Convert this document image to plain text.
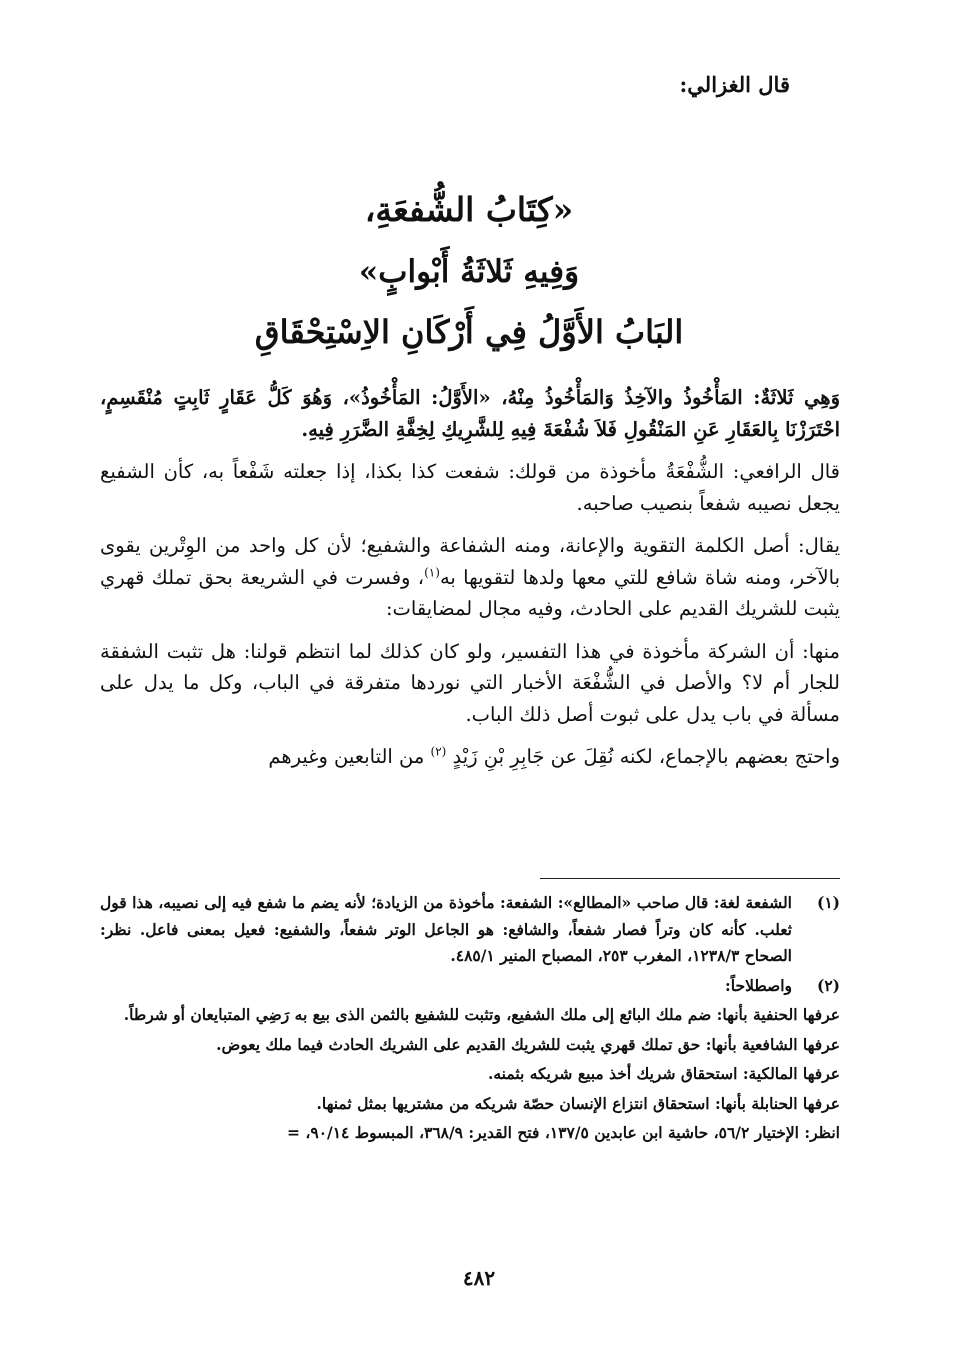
قال الغزالي:

«كِتَابُ الشُّفعَةِ،
وَفِيهِ ثَلاثَةُ أَبْوابٍ»
البَابُ الأَوَّلُ فِي أَرْكَانِ الاِسْتِحْقَاقِ

وَهِي ثَلاثَةٌ: المَأْخُوذُ والآخِذُ وَالمَأْخُوذُ مِنْهُ، «الأَوَّلُ: المَأْخُوذُ»، وَهُوَ كَلُّ عَقَارٍ ثَابِتٍ مُنْقَسِمٍ، احْتَرَزْنَا بِالعَقَارِ عَنِ المَنْقُولِ فَلاَ شُفْعَةَ فِيهِ لِلشَّرِيكِ لِخِفَّةِ الضَّرَرِ فِيهِ.

قال الرافعي: الشُّفْعَةُ مأخوذة من قولك: شفعت كذا بكذا، إذا جعلته شَفْعاً به، كأن الشفيع يجعل نصيبه شفعاً بنصيب صاحبه.

يقال: أصل الكلمة التقوية والإعانة، ومنه الشفاعة والشفيع؛ لأن كل واحد من الوِتْرين يقوى بالآخر، ومنه شاة شافع للتي معها ولدها لتقويها به$^{(١)}$، وفسرت في الشريعة بحق تملك قهري يثبت للشريك القديم على الحادث، وفيه مجال لمضايقات:

منها: أن الشركة مأخوذة في هذا التفسير، ولو كان كذلك لما انتظم قولنا: هل تثبت الشفقة للجار أم لا؟ والأصل في الشُّفْعَة الأخبار التي نوردها متفرقة في الباب، وكل ما يدل على مسألة في باب يدل على ثبوت أصل ذلك الباب.

واحتج بعضهم بالإجماع، لكنه نُقِلَ عن جَابِرِ بْنِ زَيْدٍ $^{(٢)}$ من التابعين وغيرهم

(١)
الشفعة لغة: قال صاحب «المطالع»: الشفعة: مأخوذة من الزيادة؛ لأنه يضم ما شفع فيه إلى نصيبه، هذا قول ثعلب. كأنه كان وتراً فصار شفعاً، والشافع: هو الجاعل الوتر شفعاً، والشفيع: فعيل بمعنى فاعل. نظر: الصحاح ١٢٣٨/٣، المغرب ٢٥٣، المصباح المنير ٤٨٥/١.
(٢)
واصطلاحاً:

عرفها الحنفية بأنها: ضم ملك البائع إلى ملك الشفيع، وتثبت للشفيع بالثمن الذى بيع به رَضِي المتبايعان أو شرطاً.

عرفها الشافعية بأنها: حق تملك قهري يثبت للشريك القديم على الشريك الحادث فيما ملك يعوض.

عرفها المالكية: استحقاق شريك أخذ مبيع شريكه بثمنه.

عرفها الحنابلة بأنها: استحقاق انتزاع الإنسان حصّة شريكه من مشتريها بمثل ثمنها.

انظر: الإختيار ٥٦/٢، حاشية ابن عابدين ١٣٧/٥، فتح القدير: ٣٦٨/٩، المبسوط ٩٠/١٤، =

٤٨٢
